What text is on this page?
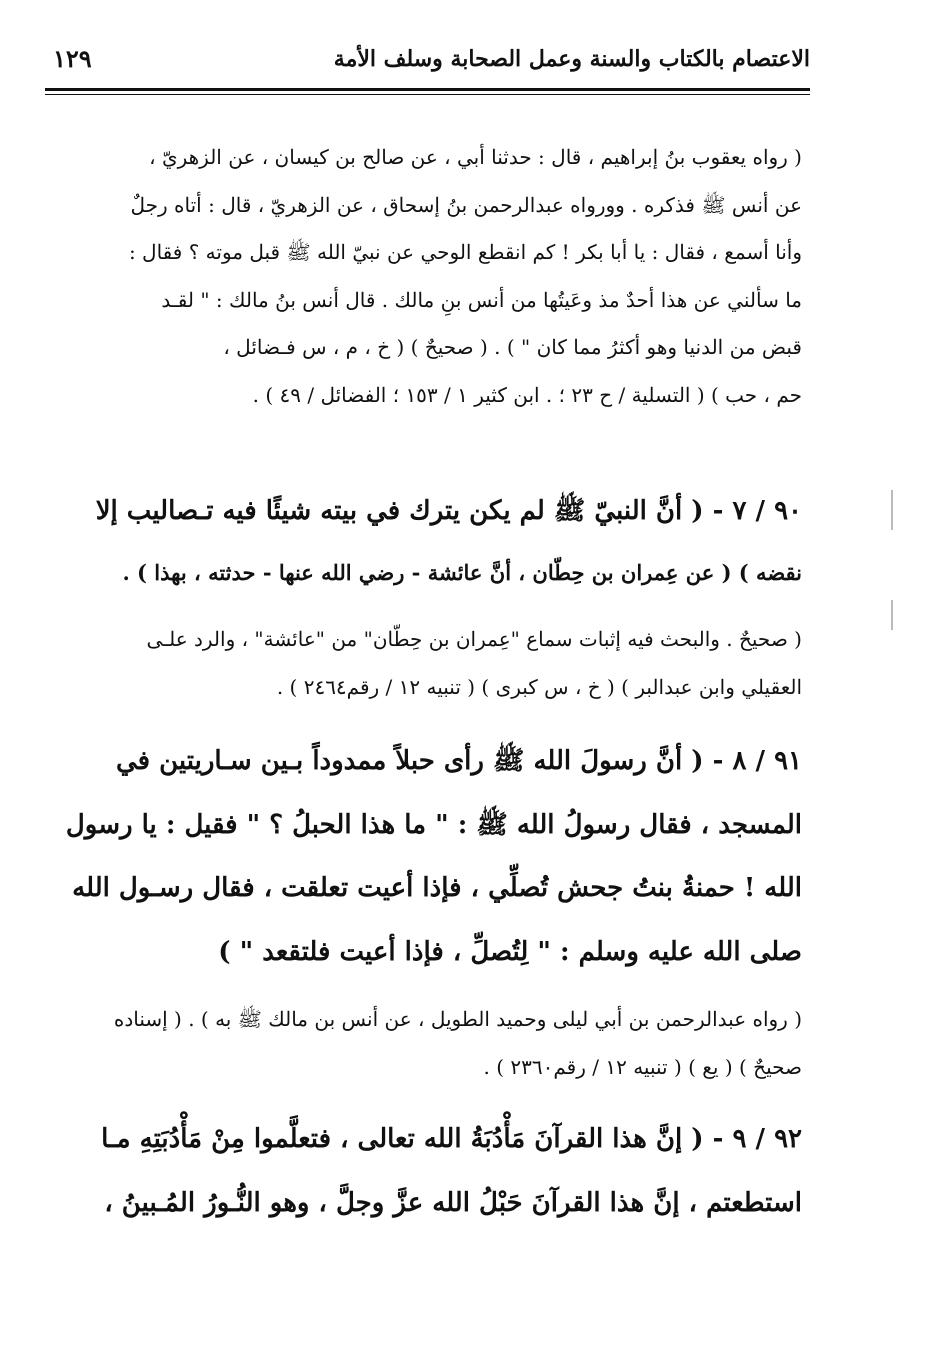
الاعتصام بالكتاب والسنة وعمل الصحابة وسلف الأمة
١٢٩

( رواه يعقوب بنُ إبراهيم ، قال : حدثنا أبي ، عن صالح بن كيسان ، عن الزهريّ ،

عن أنس ﷺ فذكره . وورواه عبدالرحمن بنُ إسحاق ، عن الزهريّ ، قال : أتاه رجلٌ

وأنا أسمع ، فقال : يا أبا بكر ! كم انقطع الوحي عن نبيّ الله ﷺ قبل موته ؟ فقال :

ما سألني عن هذا أحدٌ مذ وعَيتُها من أنس بنِ مالك . قال أنس بنُ مالك : " لقـد

قبض من الدنيا وهو أكثرُ مما كان " ) . ( صحيحٌ ) ( خ ، م ، س فـضائل ،

حم ، حب ) ( التسلية / ح ٢٣ ؛ . ابن كثير ١ / ١٥٣ ؛ الفضائل / ٤٩ ) .

٩٠ / ٧ - ( أنَّ النبيّ ﷺ لم يكن يترك في بيته شيئًا فيه تـصاليب إلا

نقضه ) ( عن عِمران بن حِطّان ، أنَّ عائشة - رضي الله عنها - حدثته ، بهذا ) .

( صحيحٌ . والبحث فيه إثبات سماع "عِمران بن حِطّان" من "عائشة" ، والرد علـى

العقيلي وابن عبدالبر ) ( خ ، س كبرى ) ( تنبيه ١٢ / رقم٢٤٦٤ ) .

٩١ / ٨ - ( أنَّ رسولَ الله ﷺ رأى حبلاً ممدوداً بـين سـاريتين في

المسجد ، فقال رسولُ الله ﷺ : " ما هذا الحبلُ ؟ " فقيل : يا رسول

الله ! حمنةُ بنتُ جحش تُصلِّي ، فإذا أعيت تعلقت ، فقال رسـول الله

صلى الله عليه وسلم : " لِتُصلِّ ، فإذا أعيت فلتقعد " )

( رواه عبدالرحمن بن أبي ليلى وحميد الطويل ، عن أنس بن مالك ﷺ به ) . ( إسناده

صحيحٌ ) ( يع ) ( تنبيه ١٢ / رقم٢٣٦٠ ) .

٩٢ / ٩ - ( إنَّ هذا القرآنَ مَأْدُبَةُ الله تعالى ، فتعلَّموا مِنْ مَأْدُبَتِهِ مـا

استطعتم ، إنَّ هذا القرآنَ حَبْلُ الله عزَّ وجلَّ ، وهو النُّـورُ المُـبينُ ،
